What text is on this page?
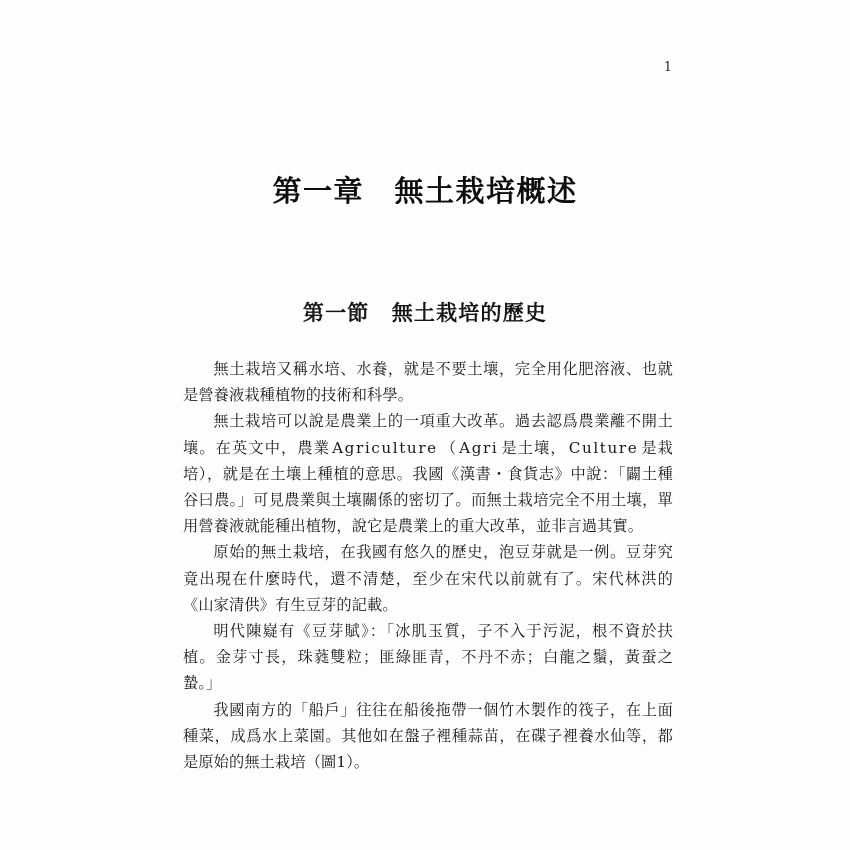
1
第一章　無土栽培概述
第一節　無土栽培的歷史

無土栽培又稱水培、水養，就是不要土壤，完全用化肥溶液、也就是營養液栽種植物的技術和科學。

無土栽培可以說是農業上的一項重大改革。過去認爲農業離不開土壤。在英文中，農業 Agriculture （ Agri 是土壤， Culture 是栽培），就是在土壤上種植的意思。我國《漢書・食貨志》中說：「闢土種谷曰農。」可見農業與土壤關係的密切了。而無土栽培完全不用土壤，單用營養液就能種出植物，說它是農業上的重大改革，並非言過其實。

原始的無土栽培，在我國有悠久的歷史，泡豆芽就是一例。豆芽究竟出現在什麼時代，還不清楚，至少在宋代以前就有了。宋代林洪的《山家清供》有生豆芽的記載。

明代陳嶷有《豆芽賦》：「冰肌玉質，子不入于污泥，根不資於扶植。金芽寸長，珠蕤雙粒；匪綠匪青，不丹不赤；白龍之鬚，黃蚕之蟄。」

我國南方的「船戶」往往在船後拖帶一個竹木製作的筏子，在上面種菜，成爲水上菜園。其他如在盤子裡種蒜苗，在碟子裡養水仙等，都是原始的無土栽培（圖1）。
